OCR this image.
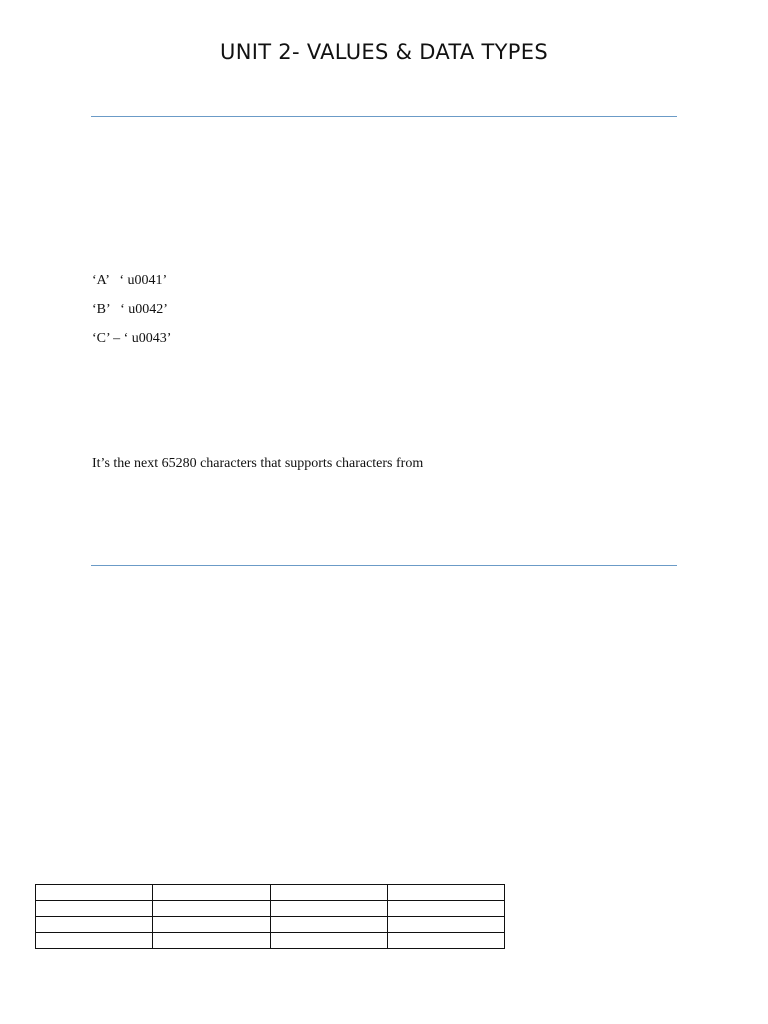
UNIT 2- VALUES & DATA TYPES
‘A’   ‘ u0041’
‘B’   ‘ u0042’
‘C’ – ‘ u0043’
It’s the next 65280 characters that supports characters from
